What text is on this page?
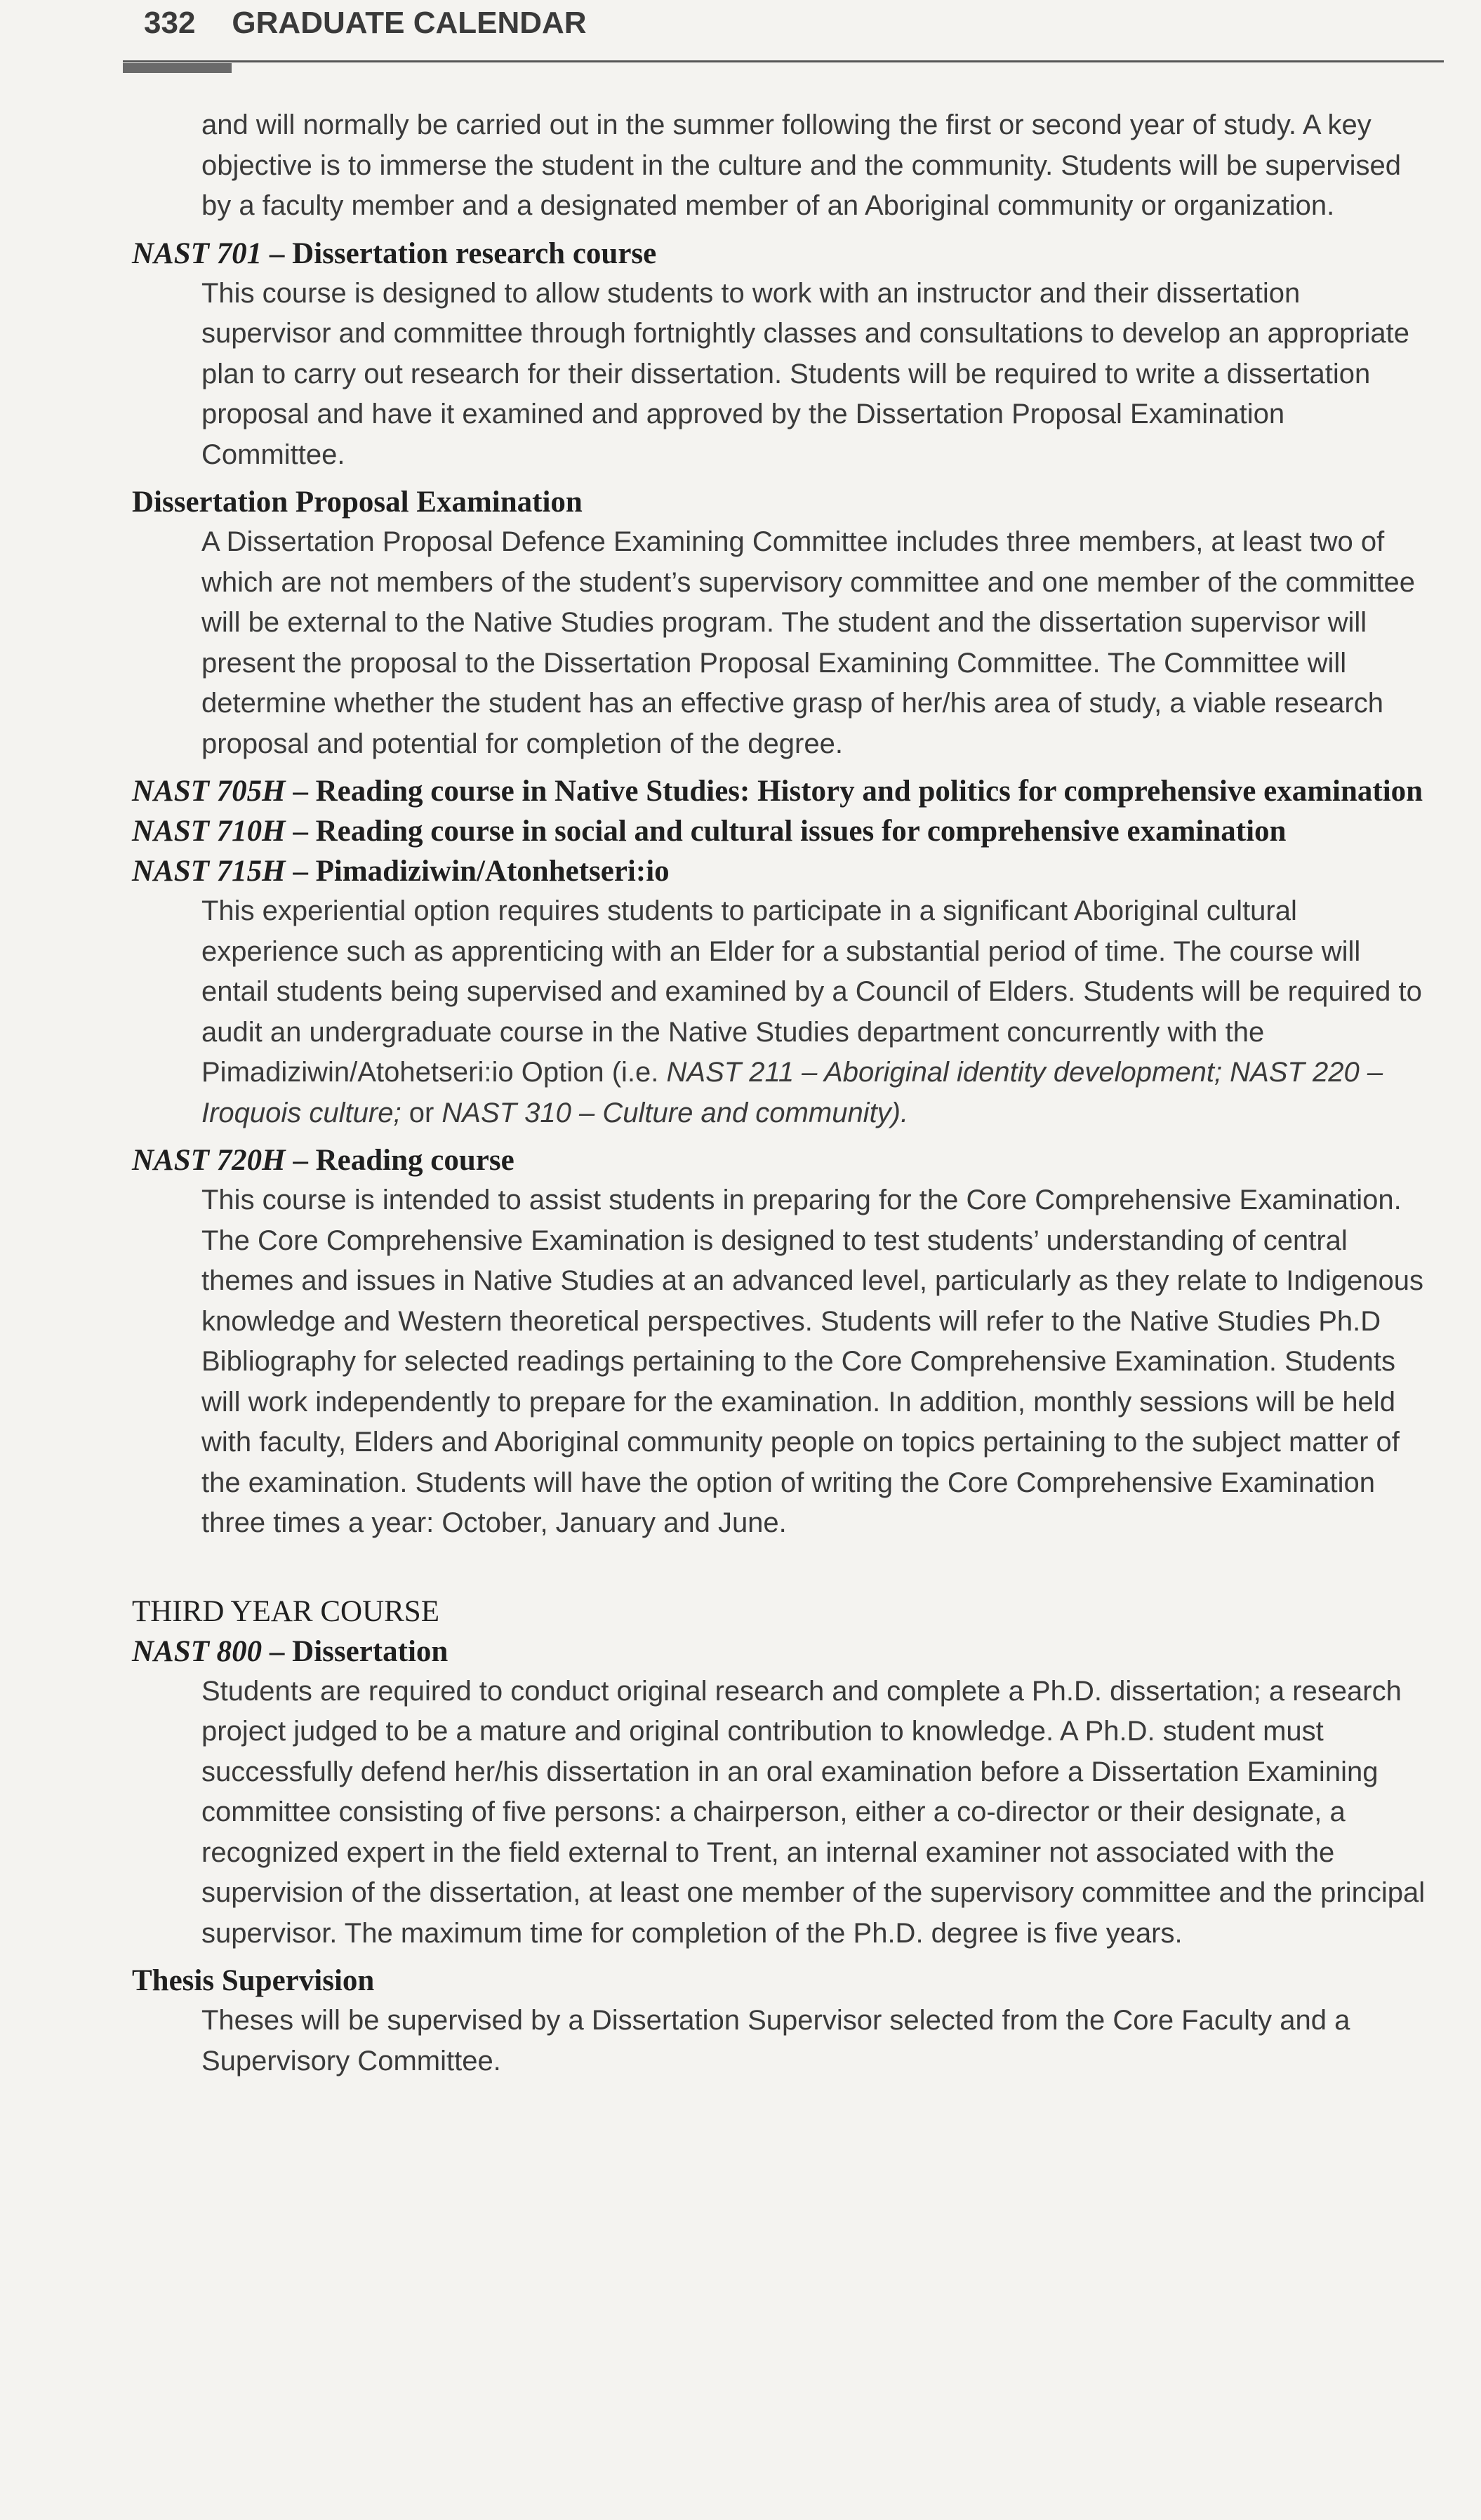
332 GRADUATE CALENDAR
and will normally be carried out in the summer following the first or second year of study. A key objective is to immerse the student in the culture and the community. Students will be supervised by a faculty member and a designated member of an Aboriginal community or organization.
NAST 701 – Dissertation research course
This course is designed to allow students to work with an instructor and their dissertation supervisor and committee through fortnightly classes and consultations to develop an appropriate plan to carry out research for their dissertation. Students will be required to write a dissertation proposal and have it examined and approved by the Dissertation Proposal Examination Committee.
Dissertation Proposal Examination
A Dissertation Proposal Defence Examining Committee includes three members, at least two of which are not members of the student’s supervisory committee and one member of the committee will be external to the Native Studies program. The student and the dissertation supervisor will present the proposal to the Dissertation Proposal Examining Committee. The Committee will determine whether the student has an effective grasp of her/his area of study, a viable research proposal and potential for completion of the degree.
NAST 705H – Reading course in Native Studies: History and politics for comprehensive examination
NAST 710H – Reading course in social and cultural issues for comprehensive examination
NAST 715H – Pimadiziwin/Atonhetseri:io
This experiential option requires students to participate in a significant Aboriginal cultural experience such as apprenticing with an Elder for a substantial period of time. The course will entail students being supervised and examined by a Council of Elders. Students will be required to audit an undergraduate course in the Native Studies department concurrently with the Pimadiziwin/Atohetseri:io Option (i.e. NAST 211 – Aboriginal identity development; NAST 220 – Iroquois culture; or NAST 310 – Culture and community).
NAST 720H – Reading course
This course is intended to assist students in preparing for the Core Comprehensive Examination. The Core Comprehensive Examination is designed to test students’ understanding of central themes and issues in Native Studies at an advanced level, particularly as they relate to Indigenous knowledge and Western theoretical perspectives. Students will refer to the Native Studies Ph.D Bibliography for selected readings pertaining to the Core Comprehensive Examination. Students will work independently to prepare for the examination. In addition, monthly sessions will be held with faculty, Elders and Aboriginal community people on topics pertaining to the subject matter of the examination. Students will have the option of writing the Core Comprehensive Examination three times a year: October, January and June.
THIRD YEAR COURSE
NAST 800 – Dissertation
Students are required to conduct original research and complete a Ph.D. dissertation; a research project judged to be a mature and original contribution to knowledge. A Ph.D. student must successfully defend her/his dissertation in an oral examination before a Dissertation Examining committee consisting of five persons: a chairperson, either a co-director or their designate, a recognized expert in the field external to Trent, an internal examiner not associated with the supervision of the dissertation, at least one member of the supervisory committee and the principal supervisor. The maximum time for completion of the Ph.D. degree is five years.
Thesis Supervision
Theses will be supervised by a Dissertation Supervisor selected from the Core Faculty and a Supervisory Committee.
